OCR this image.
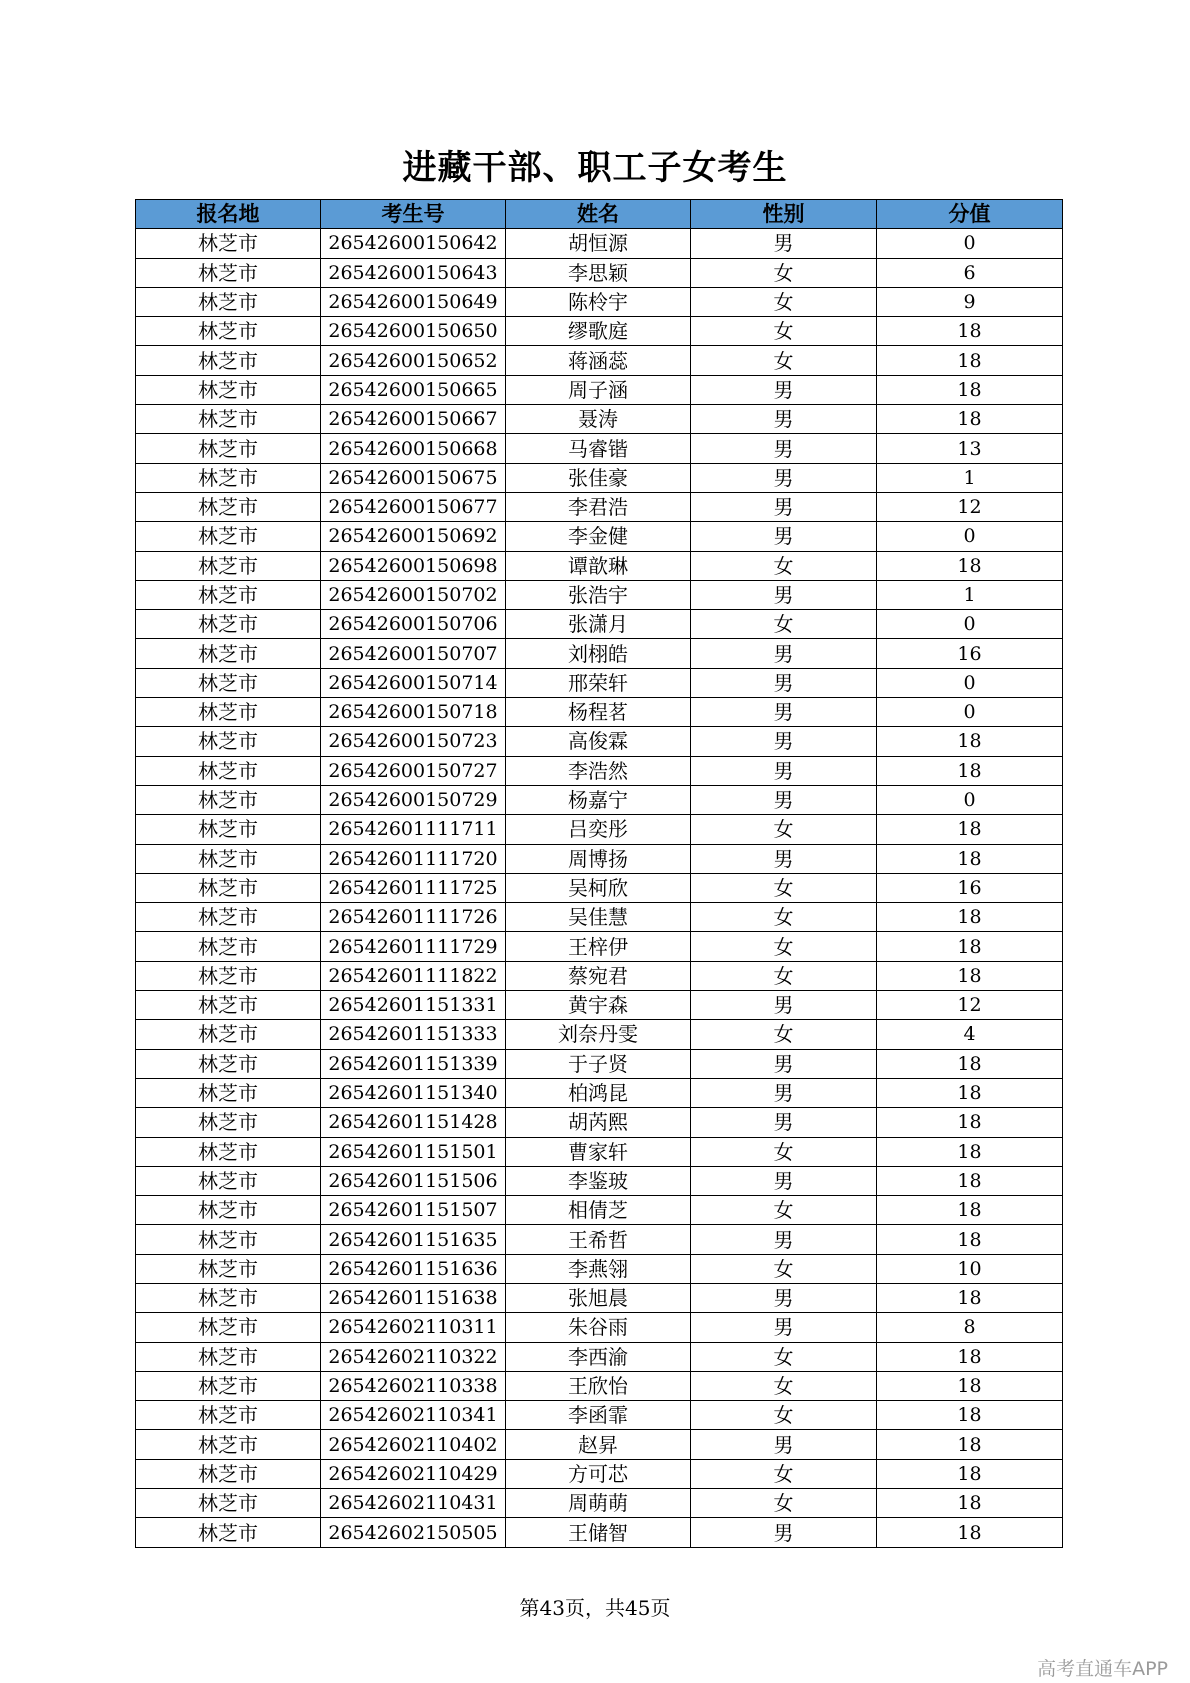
进藏干部、职工子女考生
报名地	考生号	姓名	性别	分值
林芝市	26542600150642	胡恒源	男	0
林芝市	26542600150643	李思颖	女	6
林芝市	26542600150649	陈柃宇	女	9
林芝市	26542600150650	缪歌庭	女	18
林芝市	26542600150652	蒋涵蕊	女	18
林芝市	26542600150665	周子涵	男	18
林芝市	26542600150667	聂涛	男	18
林芝市	26542600150668	马睿锴	男	13
林芝市	26542600150675	张佳豪	男	1
林芝市	26542600150677	李君浩	男	12
林芝市	26542600150692	李金健	男	0
林芝市	26542600150698	谭歆琳	女	18
林芝市	26542600150702	张浩宇	男	1
林芝市	26542600150706	张潇月	女	0
林芝市	26542600150707	刘栩皓	男	16
林芝市	26542600150714	邢荣轩	男	0
林芝市	26542600150718	杨程茗	男	0
林芝市	26542600150723	高俊霖	男	18
林芝市	26542600150727	李浩然	男	18
林芝市	26542600150729	杨嘉宁	男	0
林芝市	26542601111711	吕奕彤	女	18
林芝市	26542601111720	周博扬	男	18
林芝市	26542601111725	吴柯欣	女	16
林芝市	26542601111726	吴佳慧	女	18
林芝市	26542601111729	王梓伊	女	18
林芝市	26542601111822	蔡宛君	女	18
林芝市	26542601151331	黄宇森	男	12
林芝市	26542601151333	刘奈丹雯	女	4
林芝市	26542601151339	于子贤	男	18
林芝市	26542601151340	柏鸿昆	男	18
林芝市	26542601151428	胡芮熙	男	18
林芝市	26542601151501	曹家轩	女	18
林芝市	26542601151506	李鉴玻	男	18
林芝市	26542601151507	相倩芝	女	18
林芝市	26542601151635	王希哲	男	18
林芝市	26542601151636	李燕翎	女	10
林芝市	26542601151638	张旭晨	男	18
林芝市	26542602110311	朱谷雨	男	8
林芝市	26542602110322	李西渝	女	18
林芝市	26542602110338	王欣怡	女	18
林芝市	26542602110341	李函霏	女	18
林芝市	26542602110402	赵昇	男	18
林芝市	26542602110429	方可芯	女	18
林芝市	26542602110431	周萌萌	女	18
林芝市	26542602150505	王储智	男	18
第43页，共45页
高考直通车APP
